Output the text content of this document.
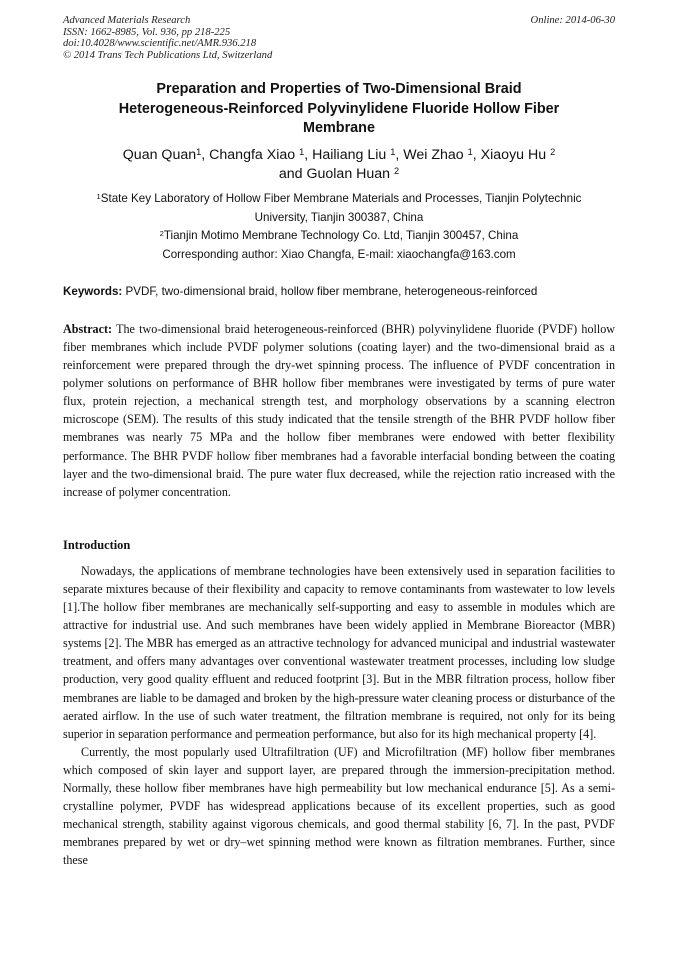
Advanced Materials Research
ISSN: 1662-8985, Vol. 936, pp 218-225
doi:10.4028/www.scientific.net/AMR.936.218
© 2014 Trans Tech Publications Ltd, Switzerland
Online: 2014-06-30
Preparation and Properties of Two-Dimensional Braid
Heterogeneous-Reinforced Polyvinylidene Fluoride Hollow Fiber
Membrane
Quan Quan$^1$, Changfa Xiao $^1$, Hailiang Liu $^1$, Wei Zhao $^1$, Xiaoyu Hu $^2$
and Guolan Huan $^2$
$^1$State Key Laboratory of Hollow Fiber Membrane Materials and Processes, Tianjin Polytechnic
University, Tianjin 300387, China
$^2$Tianjin Motimo Membrane Technology Co. Ltd, Tianjin 300457, China
Corresponding author: Xiao Changfa, E-mail: xiaochangfa@163.com
Keywords: PVDF, two-dimensional braid, hollow fiber membrane, heterogeneous-reinforced
Abstract: The two-dimensional braid heterogeneous-reinforced (BHR) polyvinylidene fluoride (PVDF) hollow fiber membranes which include PVDF polymer solutions (coating layer) and the two-dimensional braid as a reinforcement were prepared through the dry-wet spinning process. The influence of PVDF concentration in polymer solutions on performance of BHR hollow fiber membranes were investigated by terms of pure water flux, protein rejection, a mechanical strength test, and morphology observations by a scanning electron microscope (SEM). The results of this study indicated that the tensile strength of the BHR PVDF hollow fiber membranes was nearly 75 MPa and the hollow fiber membranes were endowed with better flexibility performance. The BHR PVDF hollow fiber membranes had a favorable interfacial bonding between the coating layer and the two-dimensional braid. The pure water flux decreased, while the rejection ratio increased with the increase of polymer concentration.
Introduction

Nowadays, the applications of membrane technologies have been extensively used in separation facilities to separate mixtures because of their flexibility and capacity to remove contaminants from wastewater to low levels [1].The hollow fiber membranes are mechanically self-supporting and easy to assemble in modules which are attractive for industrial use. And such membranes have been widely applied in Membrane Bioreactor (MBR) systems [2]. The MBR has emerged as an attractive technology for advanced municipal and industrial wastewater treatment, and offers many advantages over conventional wastewater treatment processes, including low sludge production, very good quality effluent and reduced footprint [3]. But in the MBR filtration process, hollow fiber membranes are liable to be damaged and broken by the high-pressure water cleaning process or disturbance of the aerated airflow. In the use of such water treatment, the filtration membrane is required, not only for its being superior in separation performance and permeation performance, but also for its high mechanical property [4].

Currently, the most popularly used Ultrafiltration (UF) and Microfiltration (MF) hollow fiber membranes which composed of skin layer and support layer, are prepared through the immersion-precipitation method. Normally, these hollow fiber membranes have high permeability but low mechanical endurance [5]. As a semi-crystalline polymer, PVDF has widespread applications because of its excellent properties, such as good mechanical strength, stability against vigorous chemicals, and good thermal stability [6, 7]. In the past, PVDF membranes prepared by wet or dry–wet spinning method were known as filtration membranes. Further, since these
